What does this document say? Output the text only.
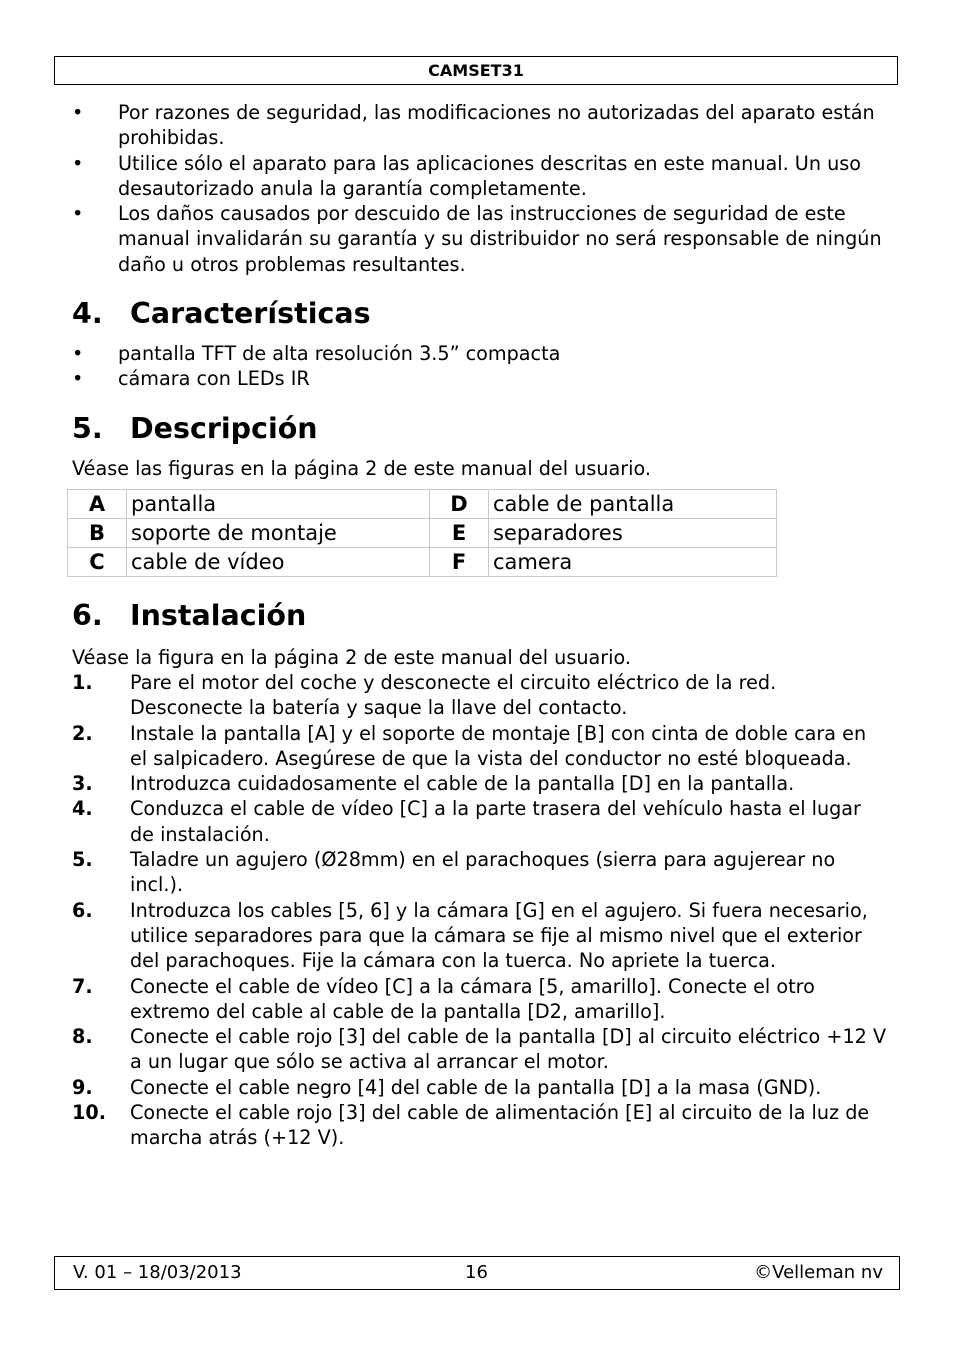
CAMSET31
•	Por razones de seguridad, las modificaciones no autorizadas del aparato están prohibidas.
•	Utilice sólo el aparato para las aplicaciones descritas en este manual. Un uso desautorizado anula la garantía completamente.
•	Los daños causados por descuido de las instrucciones de seguridad de este manual invalidarán su garantía y su distribuidor no será responsable de ningún daño u otros problemas resultantes.
4. Características
•	pantalla TFT de alta resolución 3.5” compacta
•	cámara con LEDs IR
5. Descripción

Véase las figuras en la página 2 de este manual del usuario.

A	pantalla	D	cable de pantalla
B	soporte de montaje	E	separadores
C	cable de vídeo	F	camera
6. Instalación

Véase la figura en la página 2 de este manual del usuario.

1. Pare el motor del coche y desconecte el circuito eléctrico de la red. Desconecte la batería y saque la llave del contacto.
2. Instale la pantalla [A] y el soporte de montaje [B] con cinta de doble cara en el salpicadero. Asegúrese de que la vista del conductor no esté bloqueada.
3. Introduzca cuidadosamente el cable de la pantalla [D] en la pantalla.
4. Conduzca el cable de vídeo [C] a la parte trasera del vehículo hasta el lugar de instalación.
5. Taladre un agujero (Ø28mm) en el parachoques (sierra para agujerear no incl.).
6. Introduzca los cables [5, 6] y la cámara [G] en el agujero. Si fuera necesario, utilice separadores para que la cámara se fije al mismo nivel que el exterior del parachoques. Fije la cámara con la tuerca. No apriete la tuerca.
7. Conecte el cable de vídeo [C] a la cámara [5, amarillo]. Conecte el otro extremo del cable al cable de la pantalla [D2, amarillo].
8. Conecte el cable rojo [3] del cable de la pantalla [D] al circuito eléctrico +12 V a un lugar que sólo se activa al arrancar el motor.
9. Conecte el cable negro [4] del cable de la pantalla [D] a la masa (GND).
10. Conecte el cable rojo [3] del cable de alimentación [E] al circuito de la luz de marcha atrás (+12 V).
V. 01 – 18/03/2013	16	©Velleman nv
